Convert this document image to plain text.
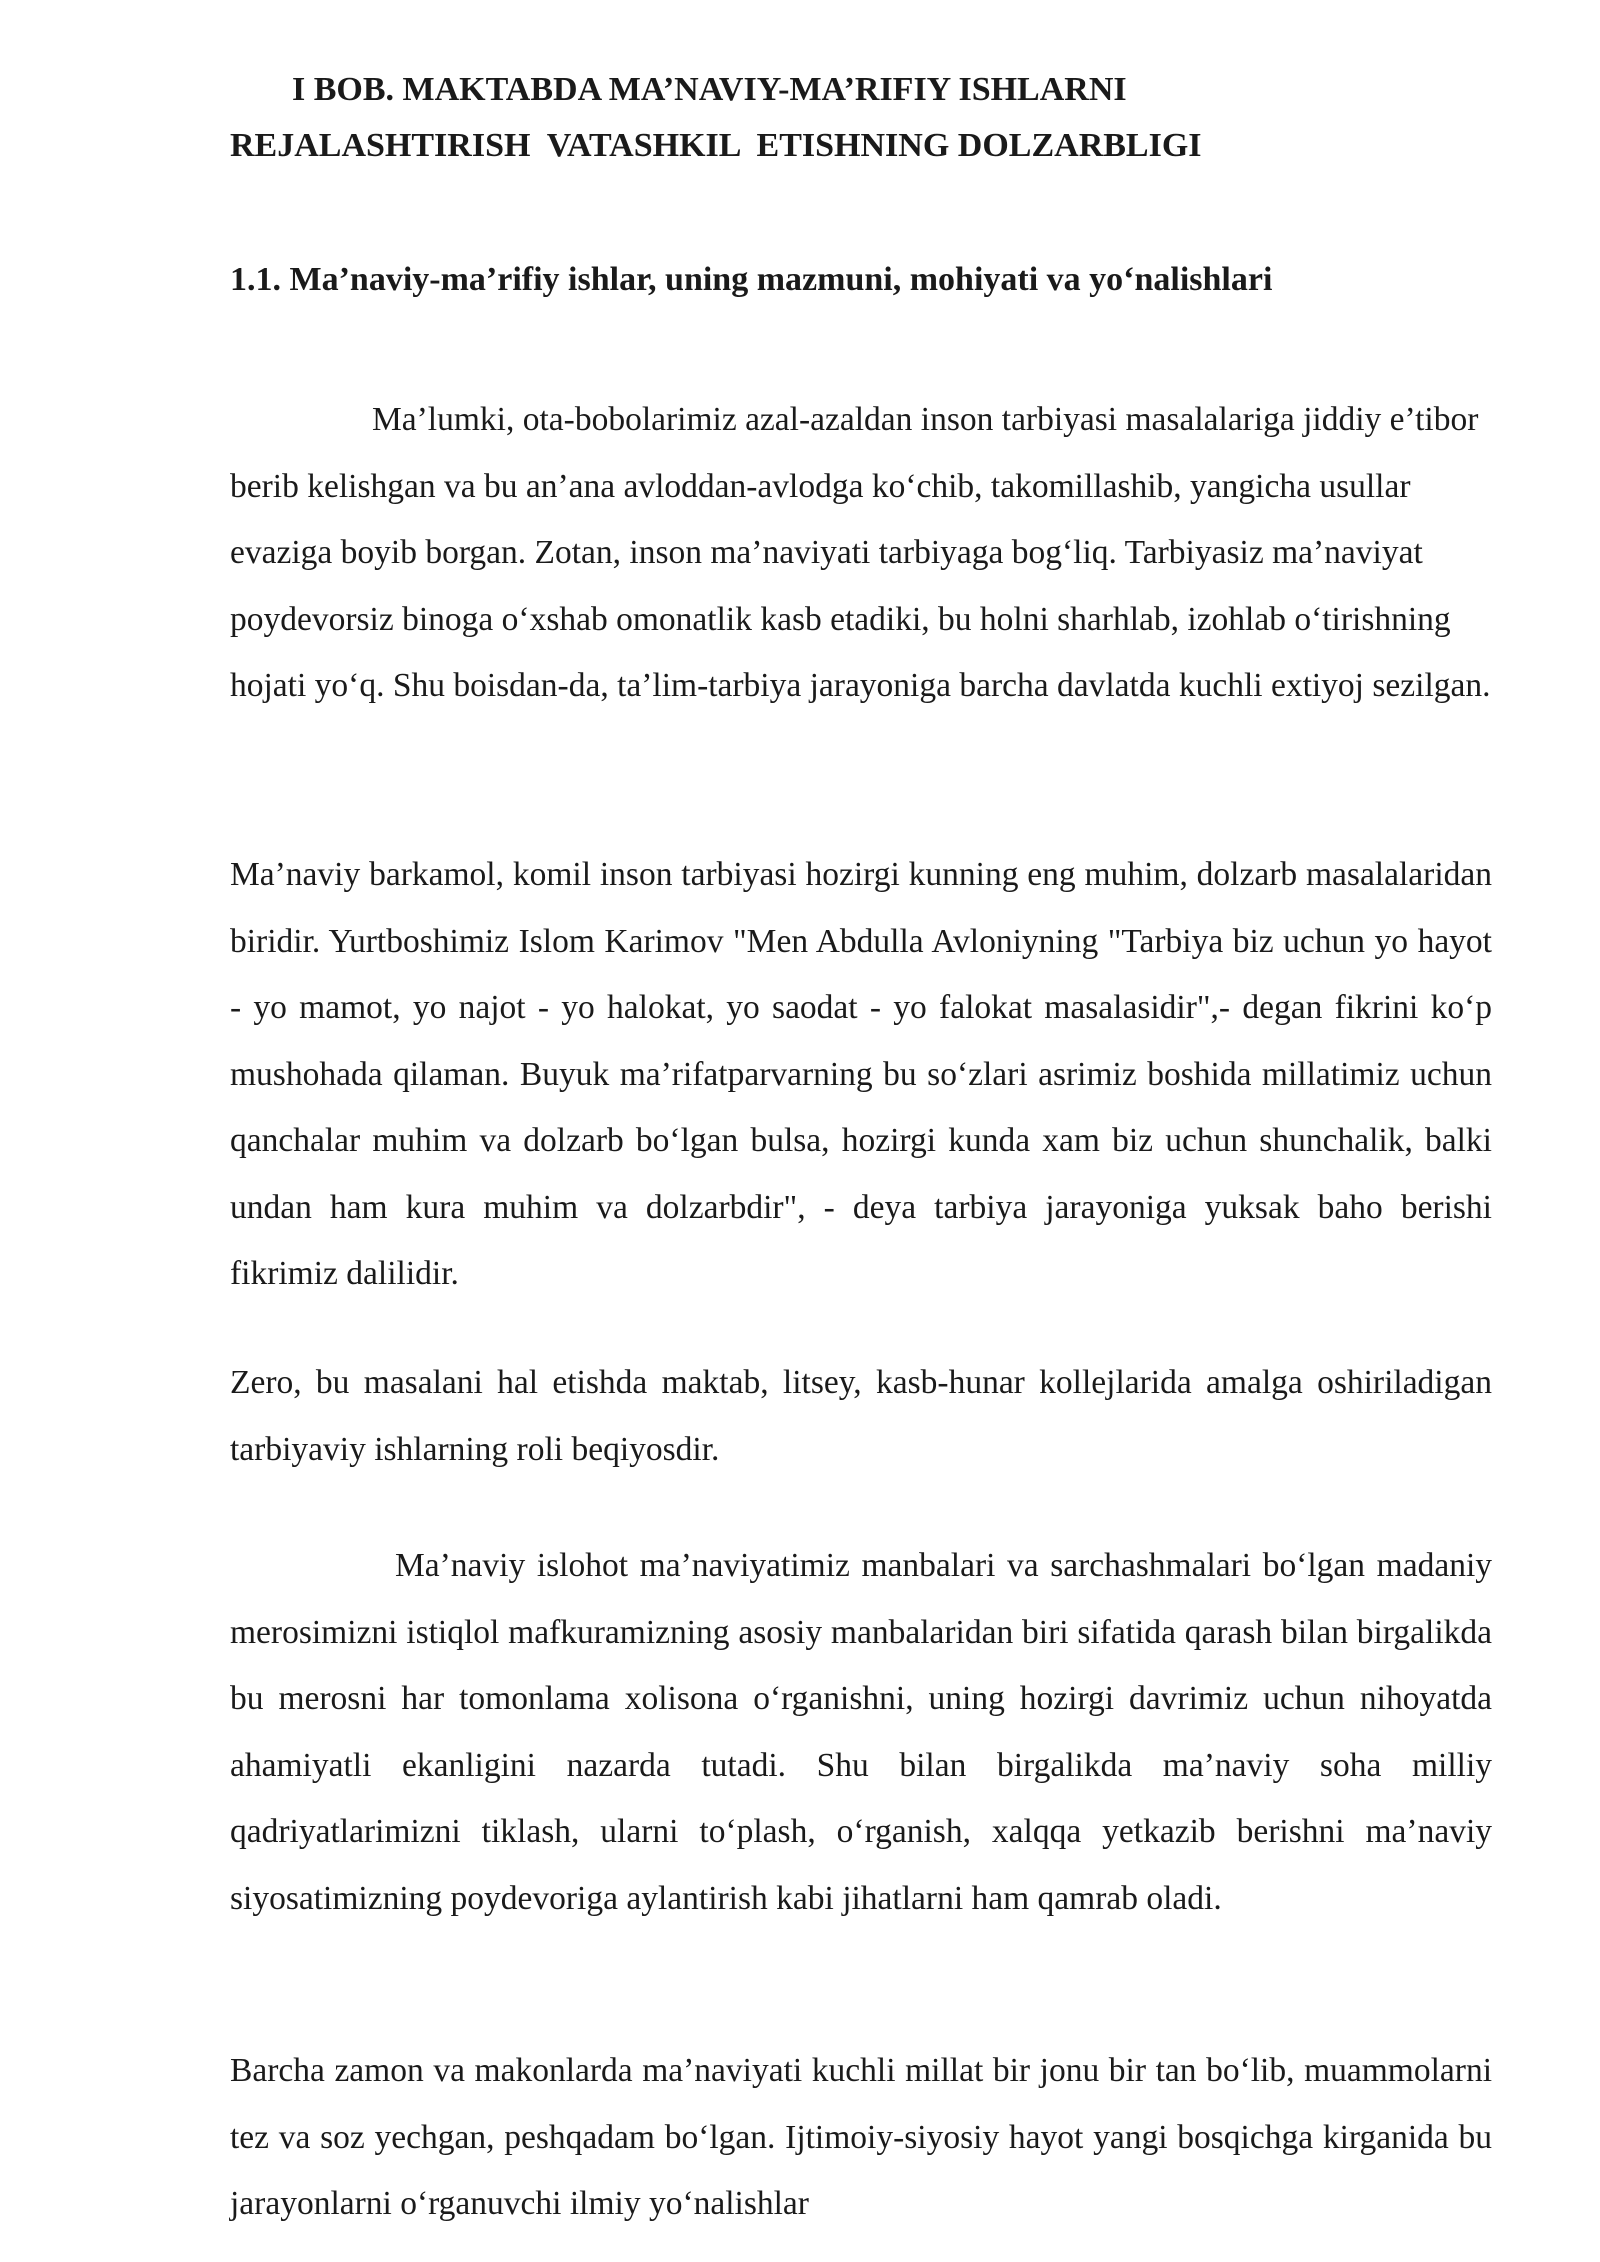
I BOB. MAKTABDA MA’NAVIY-MA’RIFIY ISHLARNI
REJALASHTIRISH  VATASHKIL  ETISHNING DOLZARBLIGI
1.1. Ma’naviy-ma’rifiy ishlar, uning mazmuni, mohiyati va yo‘nalishlari

Ma’lumki, ota-bobolarimiz azal-azaldan inson tarbiyasi masalalariga jiddiy e’tibor berib kelishgan va bu an’ana avloddan-avlodga ko‘chib, takomillashib, yangicha usullar evaziga boyib borgan. Zotan, inson ma’naviyati tarbiyaga bog‘liq. Tarbiyasiz ma’naviyat poydevorsiz binoga o‘xshab omonatlik kasb etadiki, bu holni sharhlab, izohlab o‘tirishning hojati yo‘q. Shu boisdan-da, ta’lim-tarbiya jarayoniga barcha davlatda kuchli extiyoj sezilgan.

Ma’naviy barkamol, komil inson tarbiyasi hozirgi kunning eng muhim, dolzarb masalalaridan biridir. Yurtboshimiz Islom Karimov "Men Abdulla Avloniyning "Tarbiya biz uchun yo hayot - yo mamot, yo najot - yo halokat, yo saodat - yo falokat masalasidir",- degan fikrini ko‘p mushohada qilaman. Buyuk ma’rifatparvarning bu so‘zlari asrimiz boshida millatimiz uchun qanchalar muhim va dolzarb bo‘lgan bulsa, hozirgi kunda xam biz uchun shunchalik, balki undan ham kura muhim va dolzarbdir", - deya tarbiya jarayoniga yuksak baho berishi fikrimiz dalilidir.

Zero, bu masalani hal etishda maktab, litsey, kasb-hunar kollejlarida amalga oshiriladigan tarbiyaviy ishlarning roli beqiyosdir.

Ma’naviy islohot ma’naviyatimiz manbalari va sarchashmalari bo‘lgan madaniy merosimizni istiqlol mafkuramizning asosiy manbalaridan biri sifatida qarash bilan birgalikda bu merosni har tomonlama xolisona o‘rganishni, uning hozirgi davrimiz uchun nihoyatda ahamiyatli ekanligini nazarda tutadi. Shu bilan birgalikda ma’naviy soha milliy qadriyatlarimizni tiklash, ularni to‘plash, o‘rganish, xalqqa yetkazib berishni ma’naviy siyosatimizning poydevoriga aylantirish kabi jihatlarni ham qamrab oladi.

Barcha zamon va makonlarda ma’naviyati kuchli millat bir jonu bir tan bo‘lib, muammolarni tez va soz yechgan, peshqadam bo‘lgan. Ijtimoiy-siyosiy hayot yangi bosqichga kirganida bu jarayonlarni o‘rganuvchi ilmiy yo‘nalishlar
